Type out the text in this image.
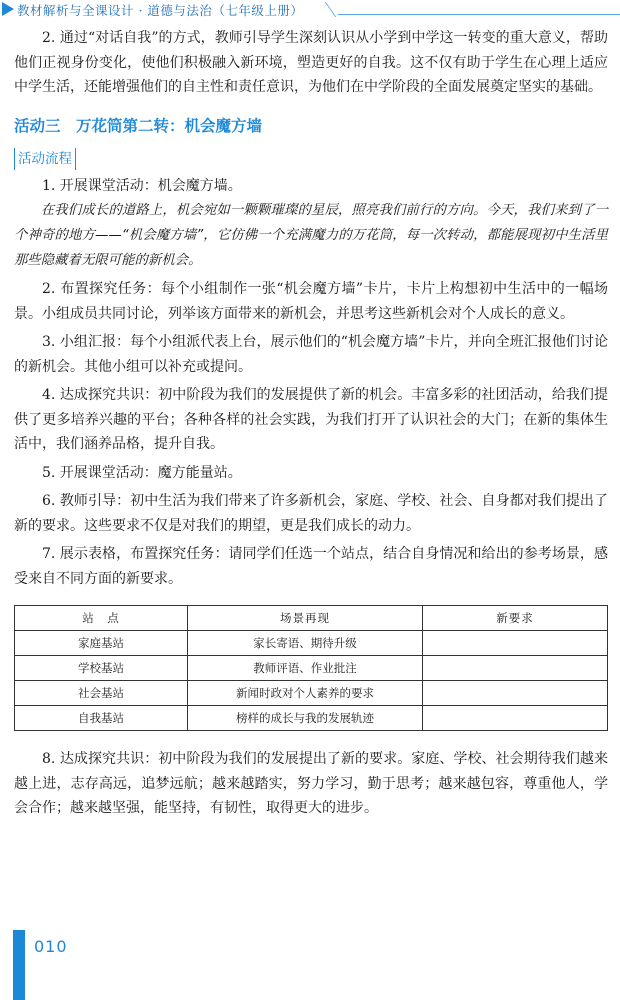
教材解析与全课设计 · 道德与法治（七年级上册）

2. 通过“对话自我”的方式，教师引导学生深刻认识从小学到中学这一转变的重大意义，帮助他们正视身份变化，使他们积极融入新环境，塑造更好的自我。这不仅有助于学生在心理上适应中学生活，还能增强他们的自主性和责任意识，为他们在中学阶段的全面发展奠定坚实的基础。

活动三　万花筒第二转：机会魔方墙
活动流程

1. 开展课堂活动：机会魔方墙。

在我们成长的道路上，机会宛如一颗颗璀璨的星辰，照亮我们前行的方向。今天，我们来到了一个神奇的地方——“机会魔方墙”，它仿佛一个充满魔力的万花筒，每一次转动，都能展现初中生活里那些隐藏着无限可能的新机会。

2. 布置探究任务：每个小组制作一张“机会魔方墙”卡片，卡片上构想初中生活中的一幅场景。小组成员共同讨论，列举该方面带来的新机会，并思考这些新机会对个人成长的意义。

3. 小组汇报：每个小组派代表上台，展示他们的“机会魔方墙”卡片，并向全班汇报他们讨论的新机会。其他小组可以补充或提问。

4. 达成探究共识：初中阶段为我们的发展提供了新的机会。丰富多彩的社团活动，给我们提供了更多培养兴趣的平台；各种各样的社会实践，为我们打开了认识社会的大门；在新的集体生活中，我们涵养品格，提升自我。

5. 开展课堂活动：魔方能量站。

6. 教师引导：初中生活为我们带来了许多新机会，家庭、学校、社会、自身都对我们提出了新的要求。这些要求不仅是对我们的期望，更是我们成长的动力。

7. 展示表格，布置探究任务：请同学们任选一个站点，结合自身情况和给出的参考场景，感受来自不同方面的新要求。

站　点	场景再现	新要求
家庭基站	家长寄语、期待升级	
学校基站	教师评语、作业批注	
社会基站	新闻时政对个人素养的要求	
自我基站	榜样的成长与我的发展轨迹	

8. 达成探究共识：初中阶段为我们的发展提出了新的要求。家庭、学校、社会期待我们越来越上进，志存高远，追梦远航；越来越踏实，努力学习，勤于思考；越来越包容，尊重他人，学会合作；越来越坚强，能坚持，有韧性，取得更大的进步。

010
